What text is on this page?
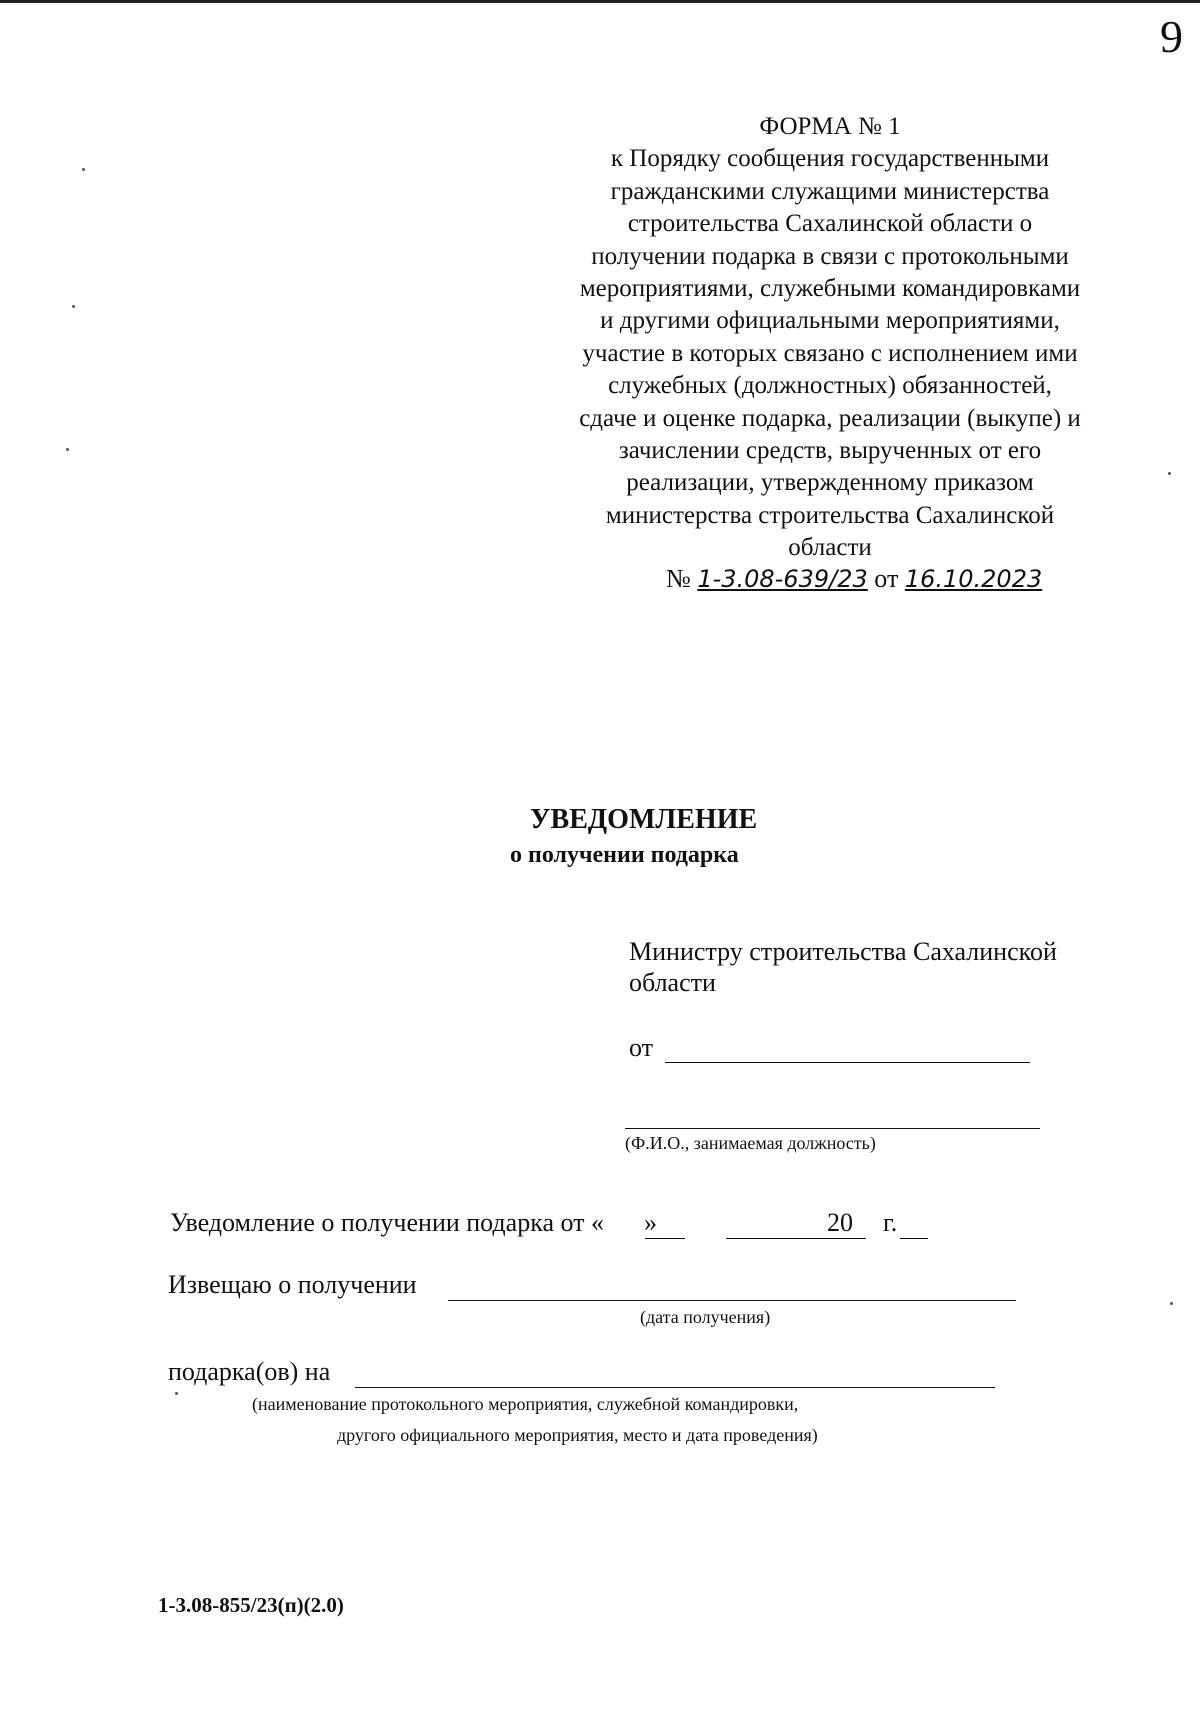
9
ФОРМА № 1
к Порядку сообщения государственными
гражданскими служащими министерства
строительства Сахалинской области о
получении подарка в связи с протокольными
мероприятиями, служебными командировками
и другими официальными мероприятиями,
участие в которых связано с исполнением ими
служебных (должностных) обязанностей,
сдаче и оценке подарка, реализации (выкупе) и
зачислении средств, вырученных от его
реализации, утвержденному приказом
министерства строительства Сахалинской
области
№ 1-3.08-639/23 от 16.10.2023
УВЕДОМЛЕНИЕ
о получении подарка
Министру строительства Сахалинской
области
от
(Ф.И.О., занимаемая должность)
Уведомление о получении подарка от « »	20 г.
Извещаю о получении
(дата получения)
подарка(ов) на
(наименование протокольного мероприятия, служебной командировки,
другого официального мероприятия, место и дата проведения)
1-3.08-855/23(п)(2.0)
